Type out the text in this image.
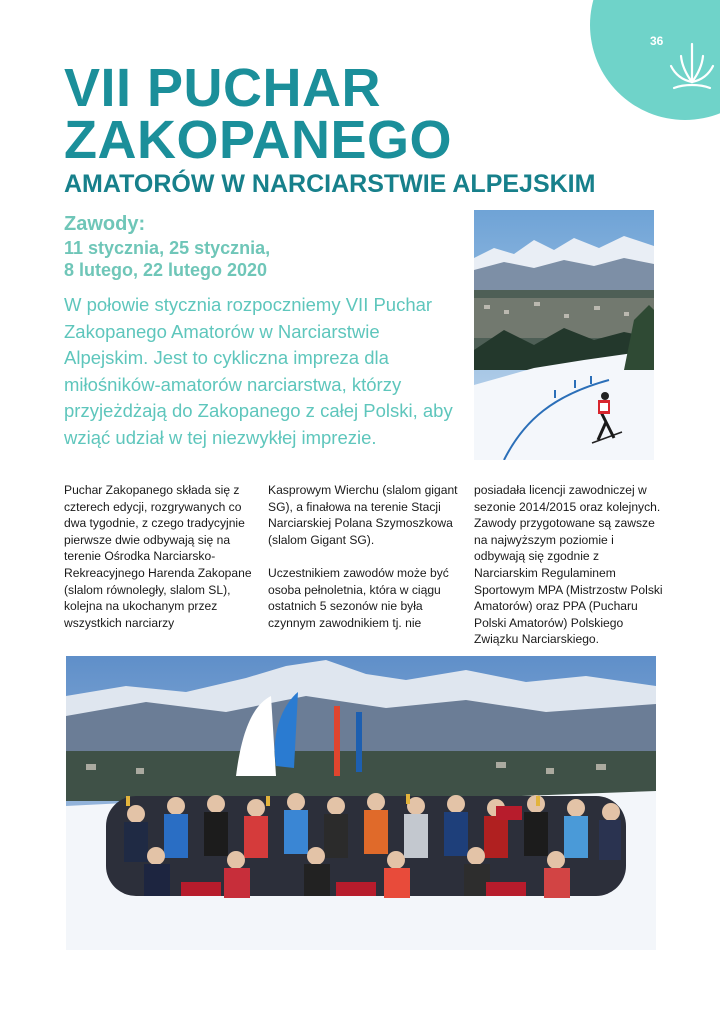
36
VII PUCHAR
ZAKOPANEGO
AMATORÓW W NARCIARSTWIE ALPEJSKIM
Zawody:

11 stycznia, 25 stycznia,

8 lutego, 22 lutego 2020

W połowie stycznia rozpoczniemy VII Puchar Zakopanego Amatorów w Narciarstwie Alpejskim. Jest to cykliczna impreza dla miłośników-amatorów narciarstwa, którzy przyjeżdżają do Zakopanego z całej Polski, aby wziąć udział w tej niezwykłej imprezie.

Puchar Zakopanego składa się z czterech edycji, rozgrywanych co dwa tygodnie, z czego tradycyjnie pierwsze dwie odbywają się na terenie Ośrodka Narciarsko-Rekreacyjnego Harenda Zakopane (slalom równoległy, slalom SL), kolejna na ukochanym przez wszystkich narciarzy

Kasprowym Wierchu (slalom gigant SG), a finałowa na terenie Stacji Narciarskiej Polana Szymoszkowa (slalom Gigant SG).

Uczestnikiem zawodów może być osoba pełnoletnia, która w ciągu ostatnich 5 sezonów nie była czynnym zawodnikiem tj. nie

posiadała licencji zawodniczej w sezonie 2014/2015 oraz kolejnych. Zawody przygotowane są zawsze na najwyższym poziomie i odbywają się zgodnie z Narciarskim Regulaminem Sportowym MPA (Mistrzostw Polski Amatorów) oraz PPA (Pucharu Polski Amatorów) Polskiego Związku Narciarskiego.
